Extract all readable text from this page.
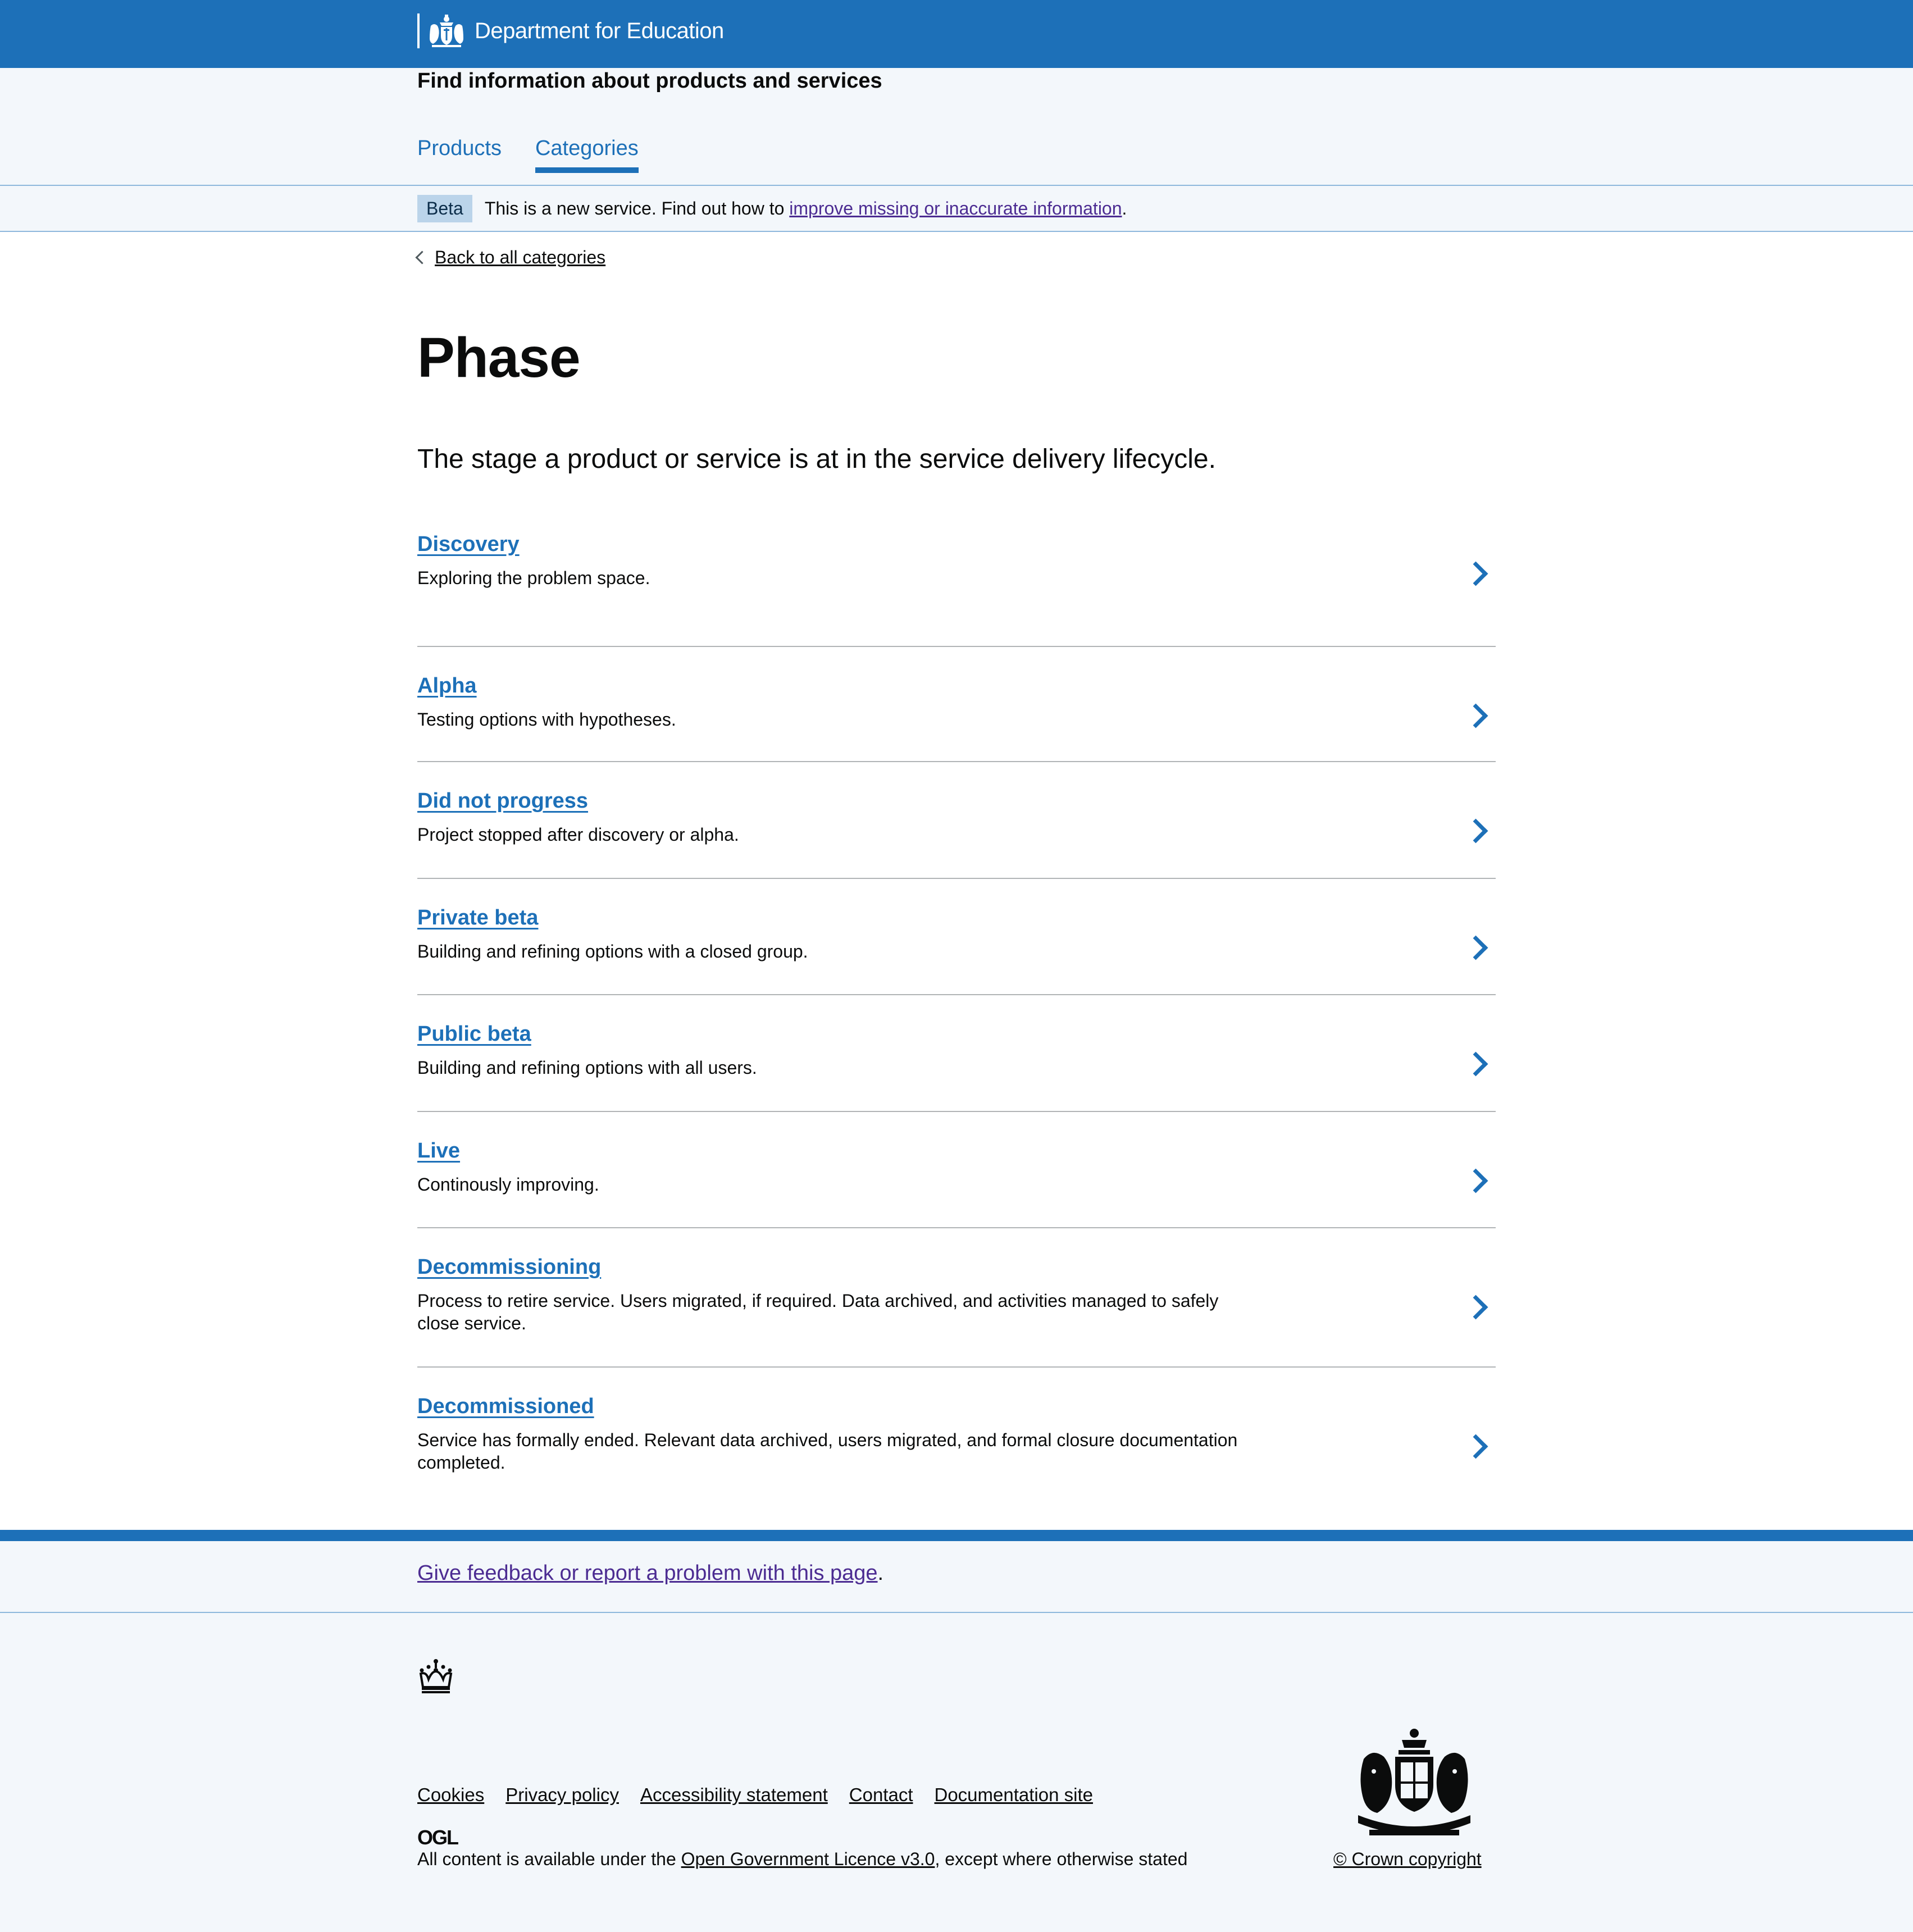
Department for Education
Find information about products and services
Products Categories
Beta	This is a new service. Find out how to improve missing or inaccurate information .
Back to all categories
Phase

The stage a product or service is at in the service delivery lifecycle.

Discovery
Exploring the problem space.
Alpha
Testing options with hypotheses.
Did not progress
Project stopped after discovery or alpha.
Private beta
Building and refining options with a closed group.
Public beta
Building and refining options with all users.
Live
Continously improving.
Decommissioning
Process to retire service. Users migrated, if required. Data archived, and activities managed to safely close service.
Decommissioned
Service has formally ended. Relevant data archived, users migrated, and formal closure documentation completed.
Give feedback or report a problem with this page.
Cookies Privacy policy Accessibility statement Contact Documentation site
OGL
All content is available under the Open Government Licence v3.0, except where otherwise stated	© Crown copyright
